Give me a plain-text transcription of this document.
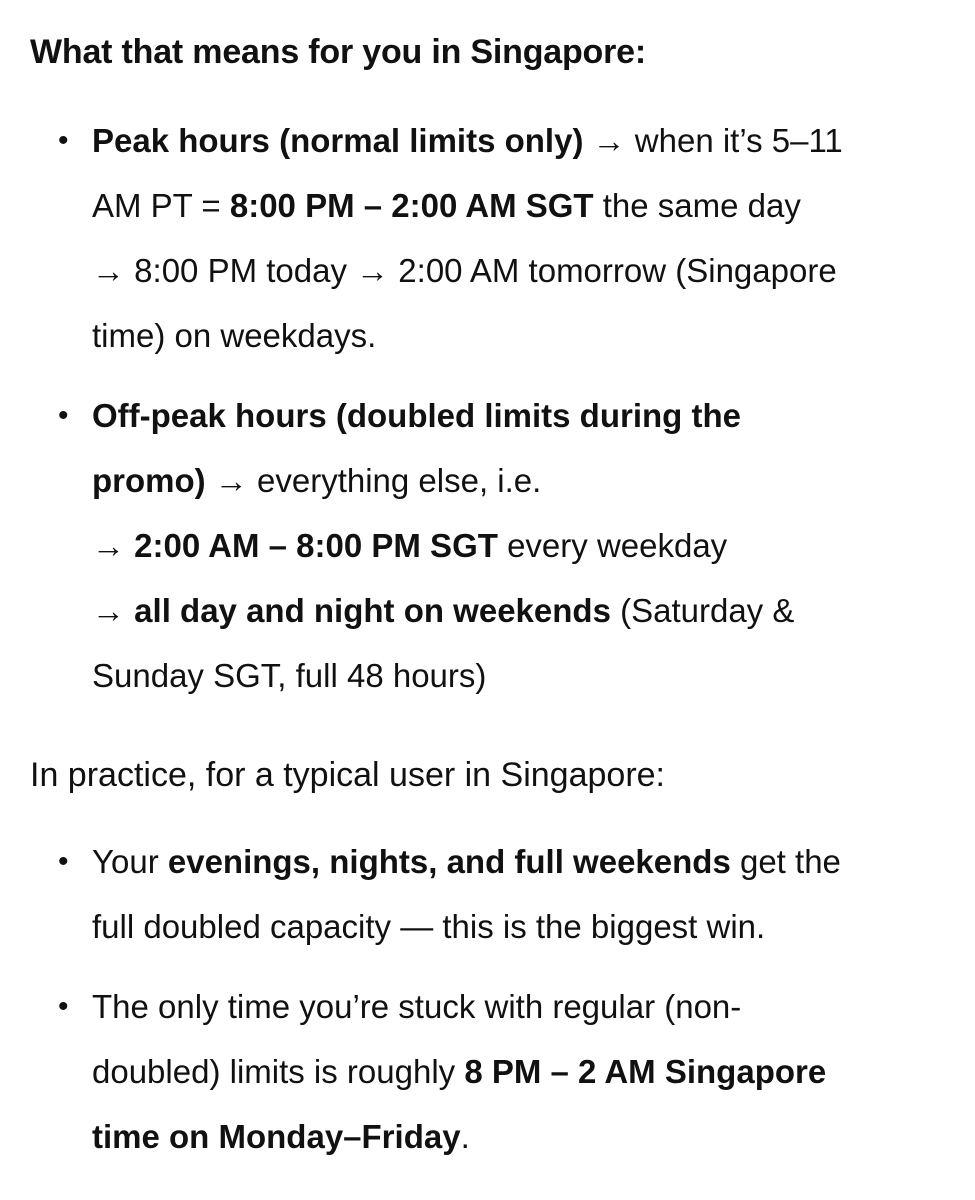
What that means for you in Singapore:
• Peak hours (normal limits only) → when it’s 5–11
AM PT = 8:00 PM – 2:00 AM SGT the same day
→ 8:00 PM today → 2:00 AM tomorrow (Singapore
time) on weekdays.
• Off-peak hours (doubled limits during the
promo) → everything else, i.e.
→ 2:00 AM – 8:00 PM SGT every weekday
→ all day and night on weekends (Saturday &
Sunday SGT, full 48 hours)

In practice, for a typical user in Singapore:

• Your evenings, nights, and full weekends get the
full doubled capacity — this is the biggest win.
• The only time you’re stuck with regular (non-
doubled) limits is roughly 8 PM – 2 AM Singapore
time on Monday–Friday.
